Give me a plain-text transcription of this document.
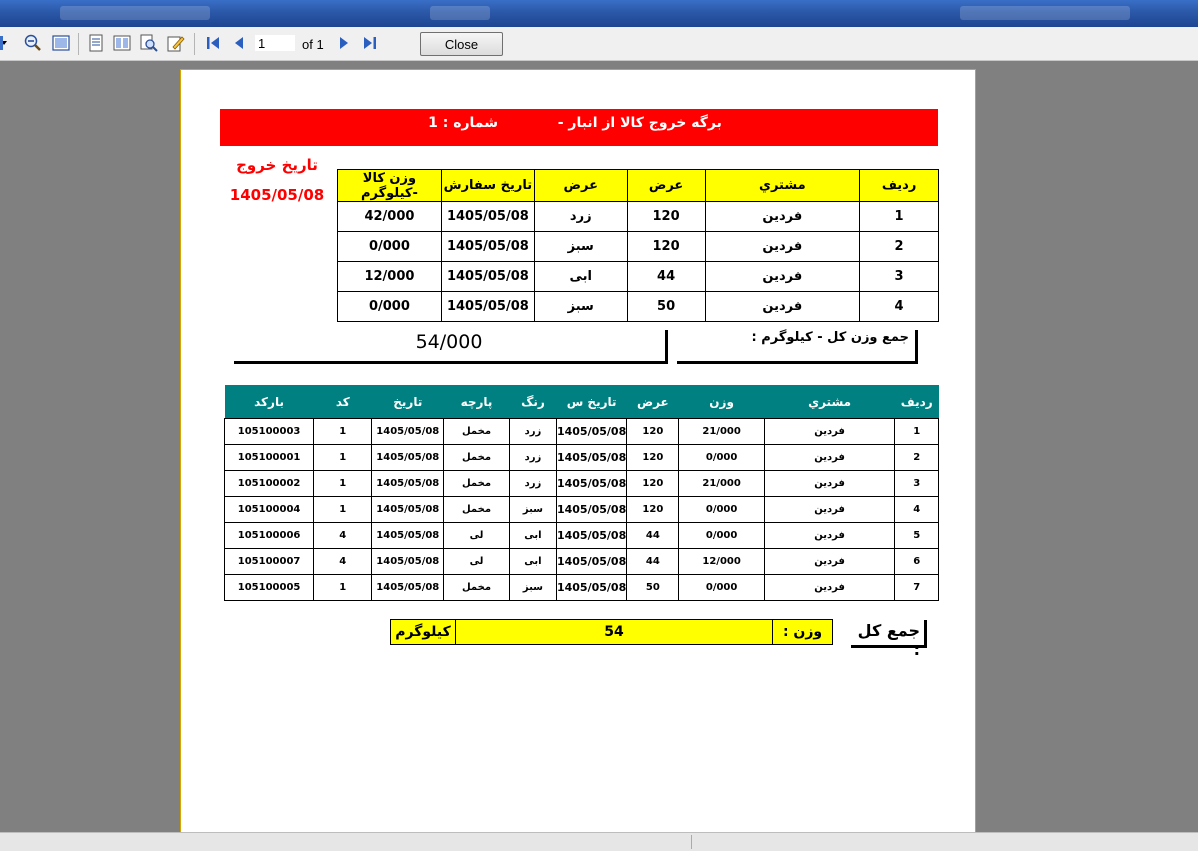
1
of 1	Close
برگه خروج كالا از انبار -  شماره : 1
تاريخ خروج
1405/05/08
رديف	مشتري	عرض	عرض	تاريخ سفارش	وزن کالا -کيلوگرم
1	فردين	120	زرد	1405/05/08	42/000
2	فردين	120	سبز	1405/05/08	0/000
3	فردين	44	ابی	1405/05/08	12/000
4	فردين	50	سبز	1405/05/08	0/000
54/000	جمع وزن کل - کيلوگرم :
رديف	مشتري	وزن	عرض	تاريخ س	رنگ	پارچه	تاريخ	کد	بارکد
1	فردين	21/000	120	1405/05/08	زرد	مخمل	1405/05/08	1	105100003
2	فردين	0/000	120	1405/05/08	زرد	مخمل	1405/05/08	1	105100001
3	فردين	21/000	120	1405/05/08	زرد	مخمل	1405/05/08	1	105100002
4	فردين	0/000	120	1405/05/08	سبز	مخمل	1405/05/08	1	105100004
5	فردين	0/000	44	1405/05/08	ابی	لی	1405/05/08	4	105100006
6	فردين	12/000	44	1405/05/08	ابی	لی	1405/05/08	4	105100007
7	فردين	0/000	50	1405/05/08	سبز	مخمل	1405/05/08	1	105100005
جمع کل :
وزن :	54	کيلوگرم
